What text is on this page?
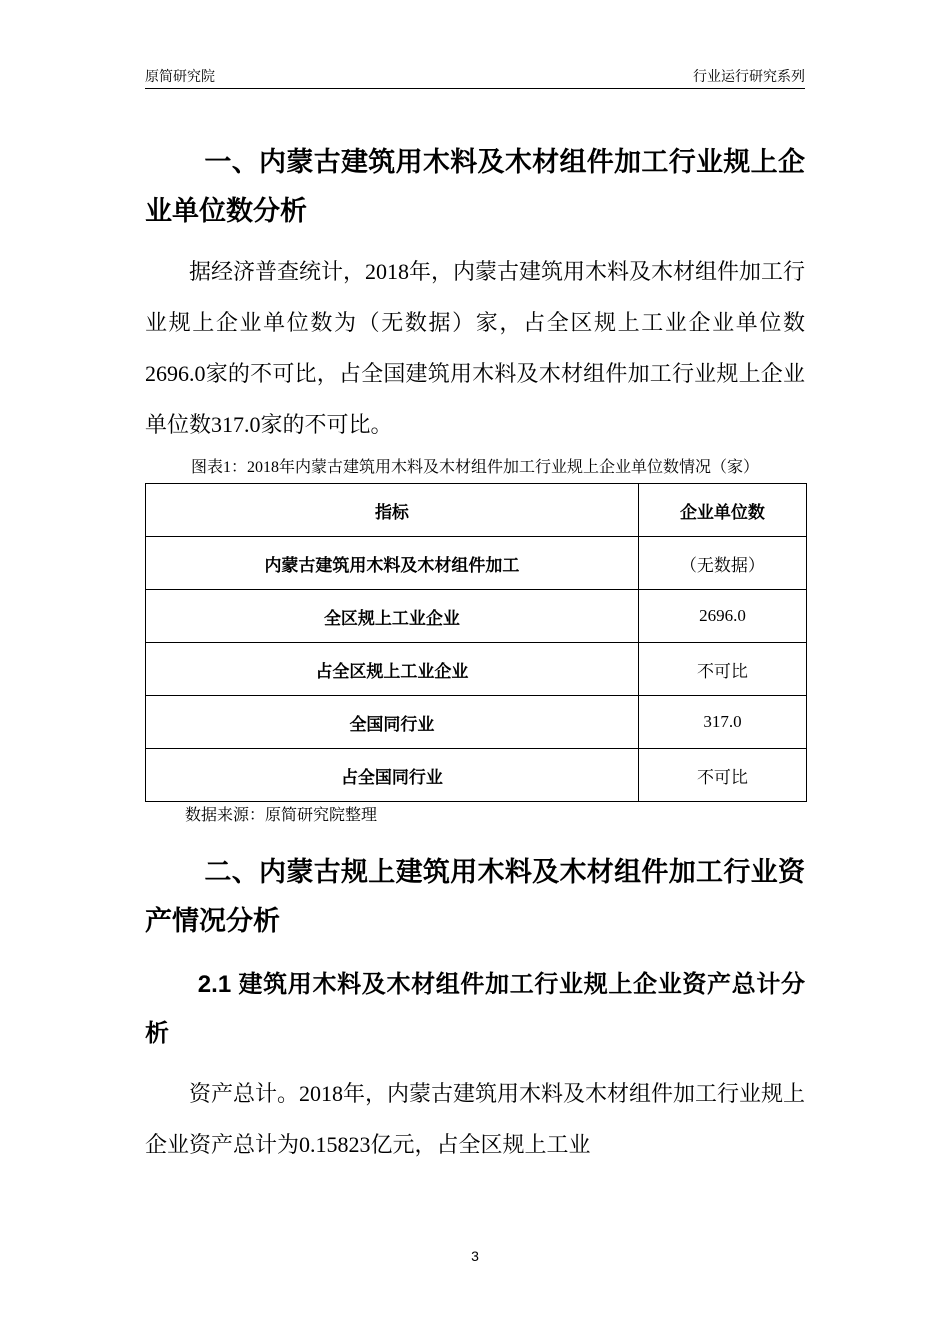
原简研究院	行业运行研究系列
一、内蒙古建筑用木料及木材组件加工行业规上企业单位数分析

据经济普查统计，2018年，内蒙古建筑用木料及木材组件加工行业规上企业单位数为（无数据）家，占全区规上工业企业单位数2696.0家的不可比，占全国建筑用木料及木材组件加工行业规上企业单位数317.0家的不可比。

图表1：2018年内蒙古建筑用木料及木材组件加工行业规上企业单位数情况（家）
指标	企业单位数
内蒙古建筑用木料及木材组件加工	（无数据）
全区规上工业企业	2696.0
占全区规上工业企业	不可比
全国同行业	317.0
占全国同行业	不可比
数据来源：原简研究院整理
二、内蒙古规上建筑用木料及木材组件加工行业资产情况分析
2.1 建筑用木料及木材组件加工行业规上企业资产总计分析

资产总计。2018年，内蒙古建筑用木料及木材组件加工行业规上企业资产总计为0.15823亿元，占全区规上工业

3
